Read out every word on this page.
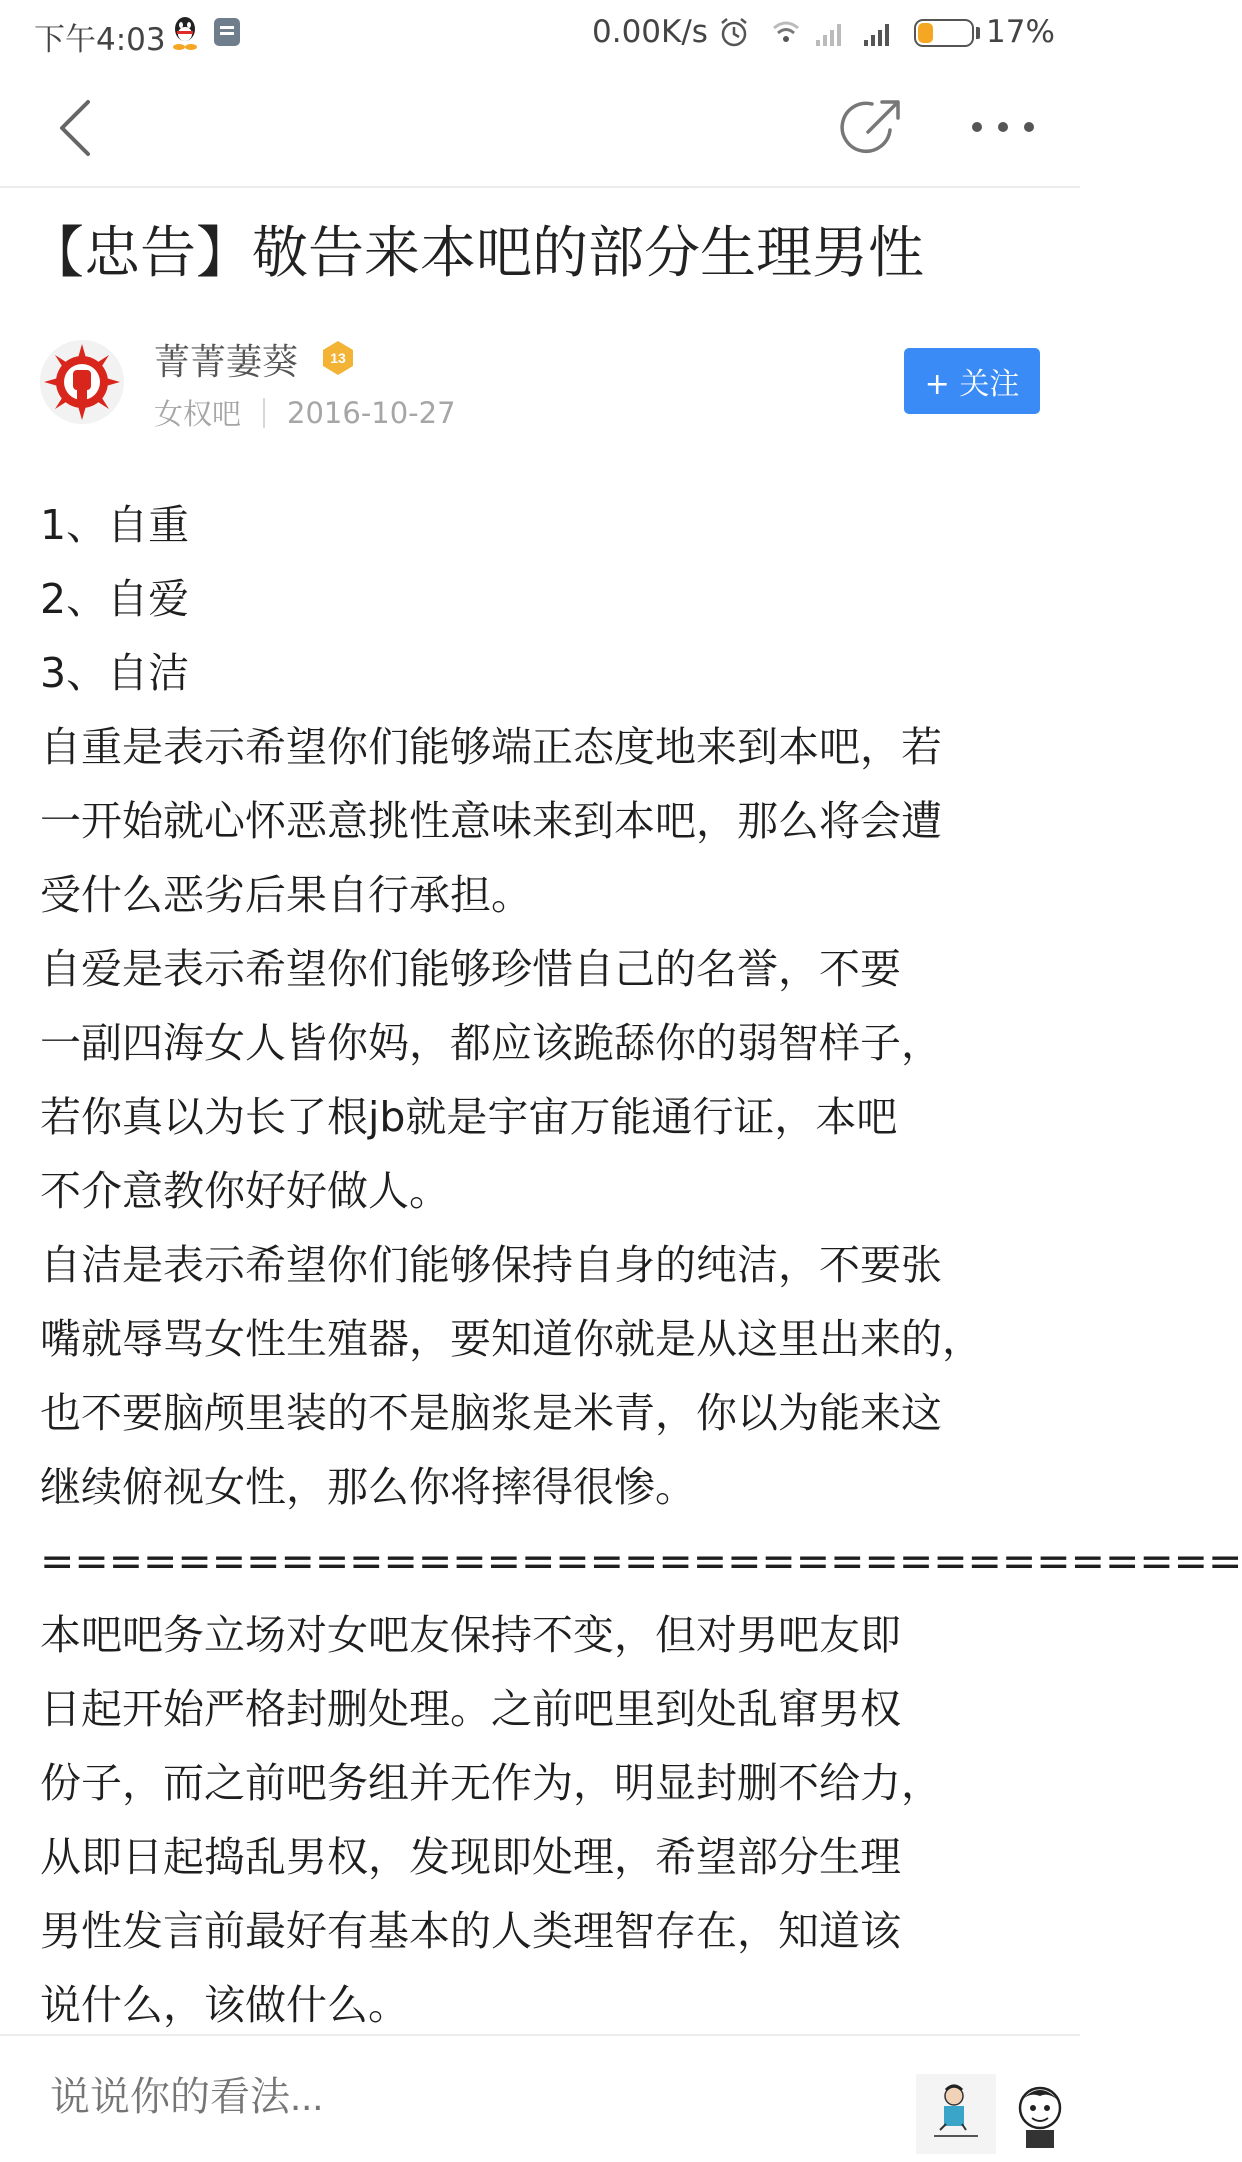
下午4:03	0.00K/s	17%
【忠告】敬告来本吧的部分生理男性
菁菁萋葵 13
女权吧 2016-10-27
+ 关注
1、自重
2、自爱
3、自洁
自重是表示希望你们能够端正态度地来到本吧，若
一开始就心怀恶意挑性意味来到本吧，那么将会遭
受什么恶劣后果自行承担。
自爱是表示希望你们能够珍惜自己的名誉，不要
一副四海女人皆你妈，都应该跪舔你的弱智样子，
若你真以为长了根jb就是宇宙万能通行证，本吧
不介意教你好好做人。
自洁是表示希望你们能够保持自身的纯洁，不要张
嘴就辱骂女性生殖器，要知道你就是从这里出来的，
也不要脑颅里装的不是脑浆是米青，你以为能来这
继续俯视女性，那么你将摔得很惨。
===================================
本吧吧务立场对女吧友保持不变，但对男吧友即
日起开始严格封删处理。之前吧里到处乱窜男权
份子，而之前吧务组并无作为，明显封删不给力，
从即日起捣乱男权，发现即处理，希望部分生理
男性发言前最好有基本的人类理智存在，知道该
说什么，该做什么。
说说你的看法...
